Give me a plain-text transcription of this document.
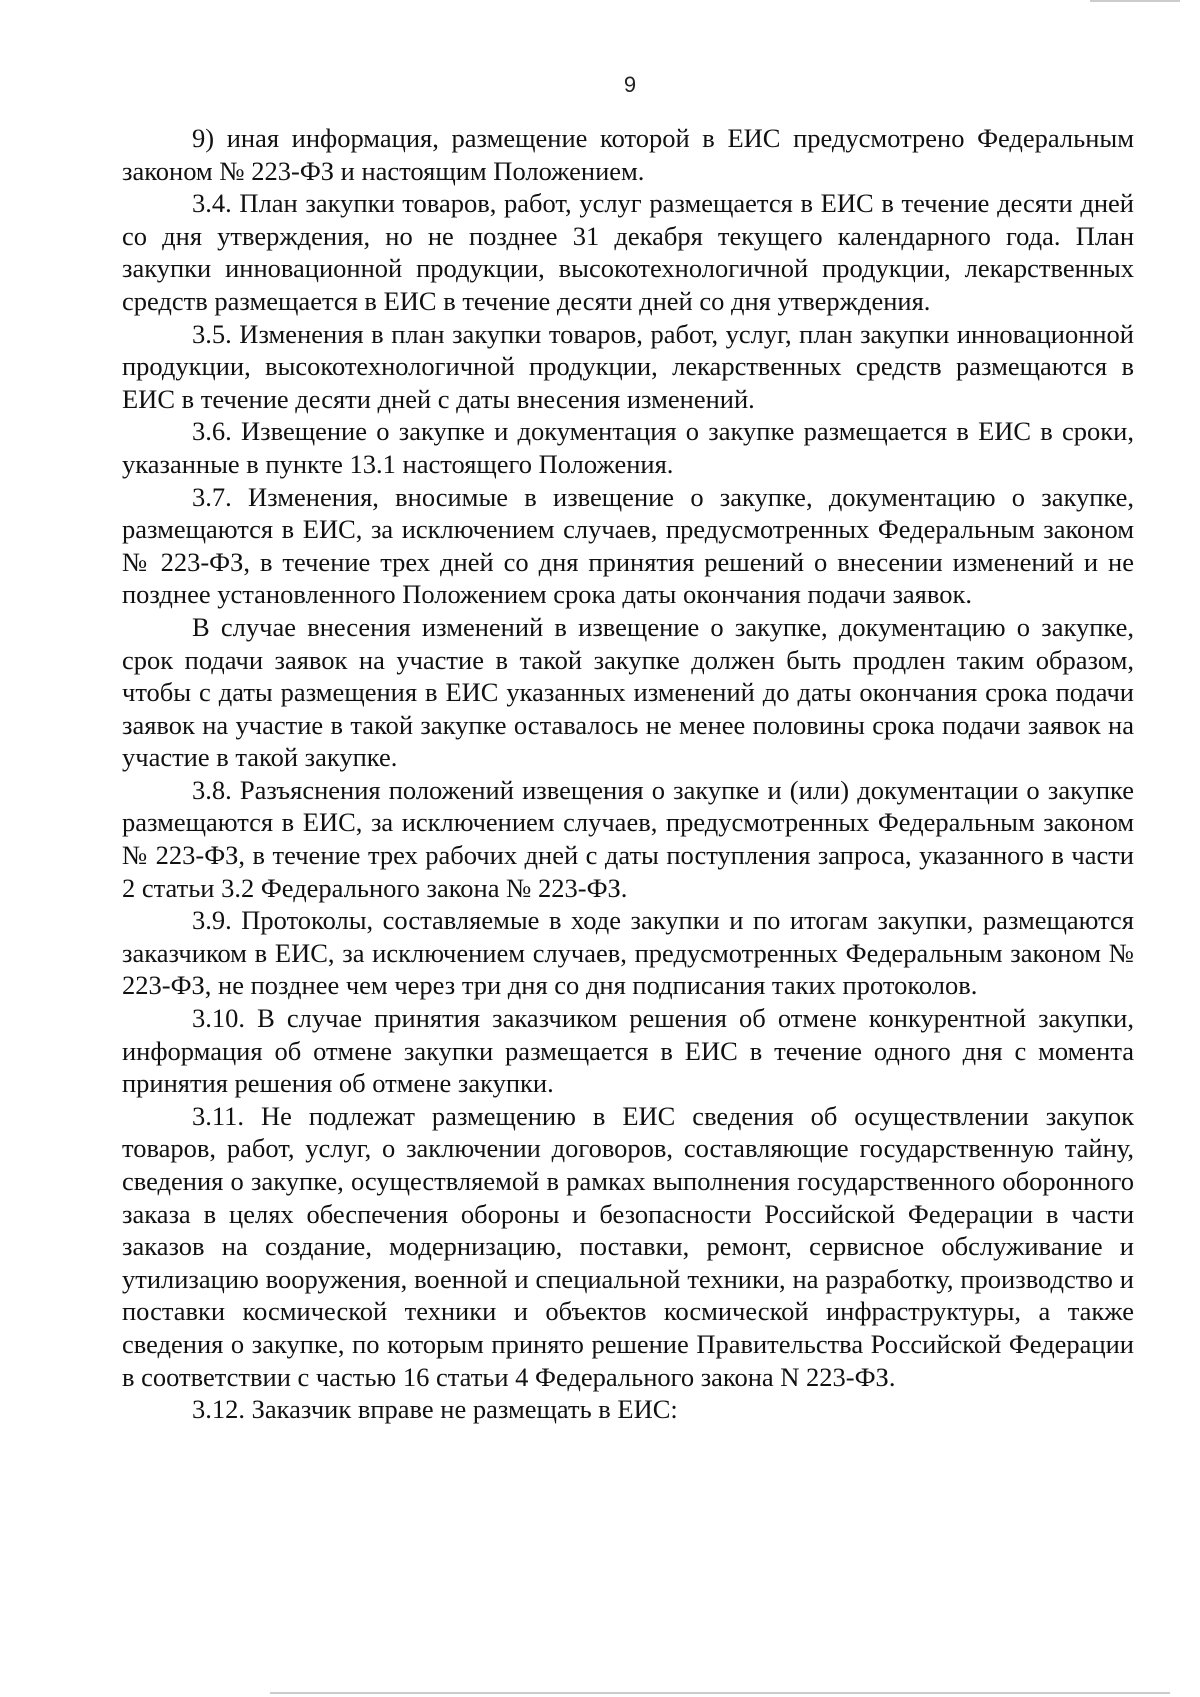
9

9) иная информация, размещение которой в ЕИС предусмотрено Федеральным законом № 223-ФЗ и настоящим Положением.

3.4. План закупки товаров, работ, услуг размещается в ЕИС в течение десяти дней со дня утверждения, но не позднее 31 декабря текущего календарного года. План закупки инновационной продукции, высокотехнологичной продукции, лекарственных средств размещается в ЕИС в течение десяти дней со дня утверждения.

3.5. Изменения в план закупки товаров, работ, услуг, план закупки инновационной продукции, высокотехнологичной продукции, лекарственных средств размещаются в ЕИС в течение десяти дней с даты внесения изменений.

3.6. Извещение о закупке и документация о закупке размещается в ЕИС в сроки, указанные в пункте 13.1 настоящего Положения.

3.7. Изменения, вносимые в извещение о закупке, документацию о закупке, размещаются в ЕИС, за исключением случаев, предусмотренных Федеральным законом № 223-ФЗ, в течение трех дней со дня принятия решений о внесении изменений и не позднее установленного Положением срока даты окончания подачи заявок.

В случае внесения изменений в извещение о закупке, документацию о закупке, срок подачи заявок на участие в такой закупке должен быть продлен таким образом, чтобы с даты размещения в ЕИС указанных изменений до даты окончания срока подачи заявок на участие в такой закупке оставалось не менее половины срока подачи заявок на участие в такой закупке.

3.8. Разъяснения положений извещения о закупке и (или) документации о закупке размещаются в ЕИС, за исключением случаев, предусмотренных Федеральным законом № 223-ФЗ, в течение трех рабочих дней с даты поступления запроса, указанного в части 2 статьи 3.2 Федерального закона № 223-ФЗ.

3.9. Протоколы, составляемые в ходе закупки и по итогам закупки, размещаются заказчиком в ЕИС, за исключением случаев, предусмотренных Федеральным законом № 223-ФЗ, не позднее чем через три дня со дня подписания таких протоколов.

3.10. В случае принятия заказчиком решения об отмене конкурентной закупки, информация об отмене закупки размещается в ЕИС в течение одного дня с момента принятия решения об отмене закупки.

3.11. Не подлежат размещению в ЕИС сведения об осуществлении закупок товаров, работ, услуг, о заключении договоров, составляющие государственную тайну, сведения о закупке, осуществляемой в рамках выполнения государственного оборонного заказа в целях обеспечения обороны и безопасности Российской Федерации в части заказов на создание, модернизацию, поставки, ремонт, сервисное обслуживание и утилизацию вооружения, военной и специальной техники, на разработку, производство и поставки космической техники и объектов космической инфраструктуры, а также сведения о закупке, по которым принято решение Правительства Российской Федерации в соответствии с частью 16 статьи 4 Федерального закона N 223-ФЗ.

3.12. Заказчик вправе не размещать в ЕИС:
